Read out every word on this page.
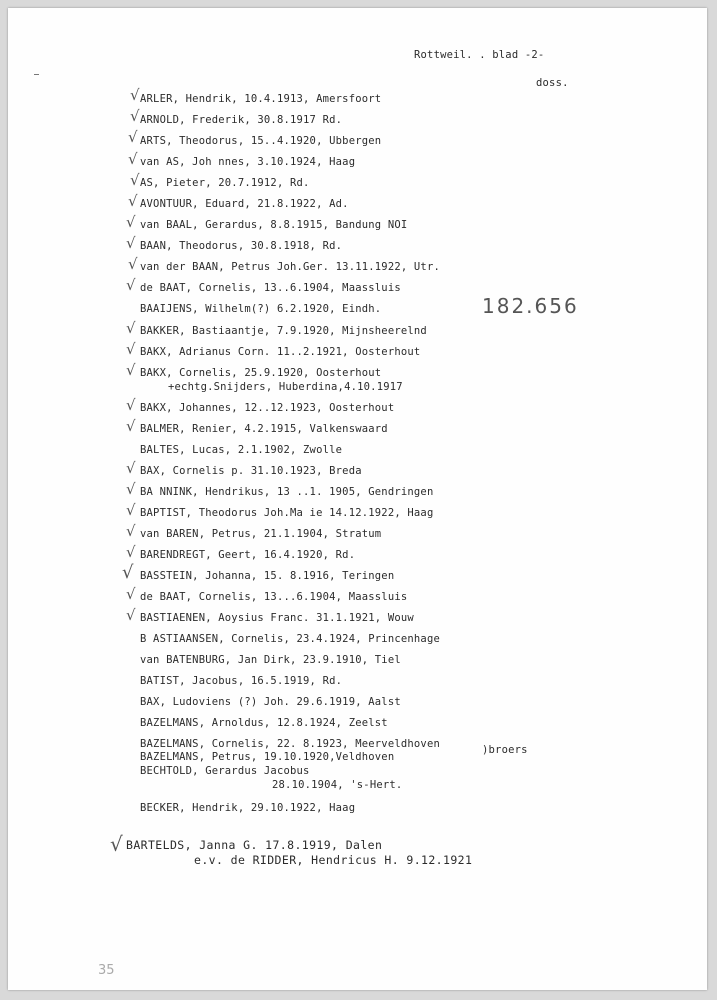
Rottweil. . blad -2-
doss.
√
√
√
√
√
√
√
√
√
√
√
√
√
√
√
√
√
√
√
√
√
√
√
√
ARLER, Hendrik, 10.4.1913, Amersfoort
ARNOLD, Frederik, 30.8.1917 Rd.
ARTS, Theodorus, 15..4.1920, Ubbergen
van AS, Joh nnes, 3.10.1924, Haag
AS, Pieter, 20.7.1912, Rd.
AVONTUUR, Eduard, 21.8.1922, Ad.
van BAAL, Gerardus, 8.8.1915, Bandung NOI
BAAN, Theodorus, 30.8.1918, Rd.
van der BAAN, Petrus Joh.Ger. 13.11.1922, Utr.
de BAAT, Cornelis, 13..6.1904, Maassluis
BAAIJENS, Wilhelm(?) 6.2.1920, Eindh.
BAKKER, Bastiaantje, 7.9.1920, Mijnsheerelnd
BAKX, Adrianus Corn. 11..2.1921, Oosterhout
BAKX, Cornelis, 25.9.1920, Oosterhout
+echtg.Snijders, Huberdina,4.10.1917
BAKX, Johannes, 12..12.1923, Oosterhout
BALMER, Renier, 4.2.1915, Valkenswaard
BALTES, Lucas, 2.1.1902, Zwolle
BAX, Cornelis p. 31.10.1923, Breda
BA NNINK, Hendrikus, 13 ..1. 1905, Gendringen
BAPTIST, Theodorus Joh.Ma ie 14.12.1922, Haag
van BAREN, Petrus, 21.1.1904, Stratum
BARENDREGT, Geert, 16.4.1920, Rd.
BASSTEIN, Johanna, 15. 8.1916, Teringen
de BAAT, Cornelis, 13...6.1904, Maassluis
BASTIAENEN, Aoysius Franc. 31.1.1921, Wouw
B ASTIAANSEN, Cornelis, 23.4.1924, Princenhage
van BATENBURG, Jan Dirk, 23.9.1910, Tiel
BATIST, Jacobus, 16.5.1919, Rd.
BAX, Ludoviens (?) Joh. 29.6.1919, Aalst
BAZELMANS, Arnoldus, 12.8.1924, Zeelst
BAZELMANS, Cornelis, 22. 8.1923, Meerveldhoven
BAZELMANS, Petrus, 19.10.1920,Veldhoven
BECHTOLD, Gerardus Jacobus
28.10.1904, 's-Hert.
BECKER, Hendrik, 29.10.1922, Haag
)broers
182.656
BARTELDS, Janna G. 17.8.1919, Dalen
e.v. de RIDDER, Hendricus H. 9.12.1921
35
